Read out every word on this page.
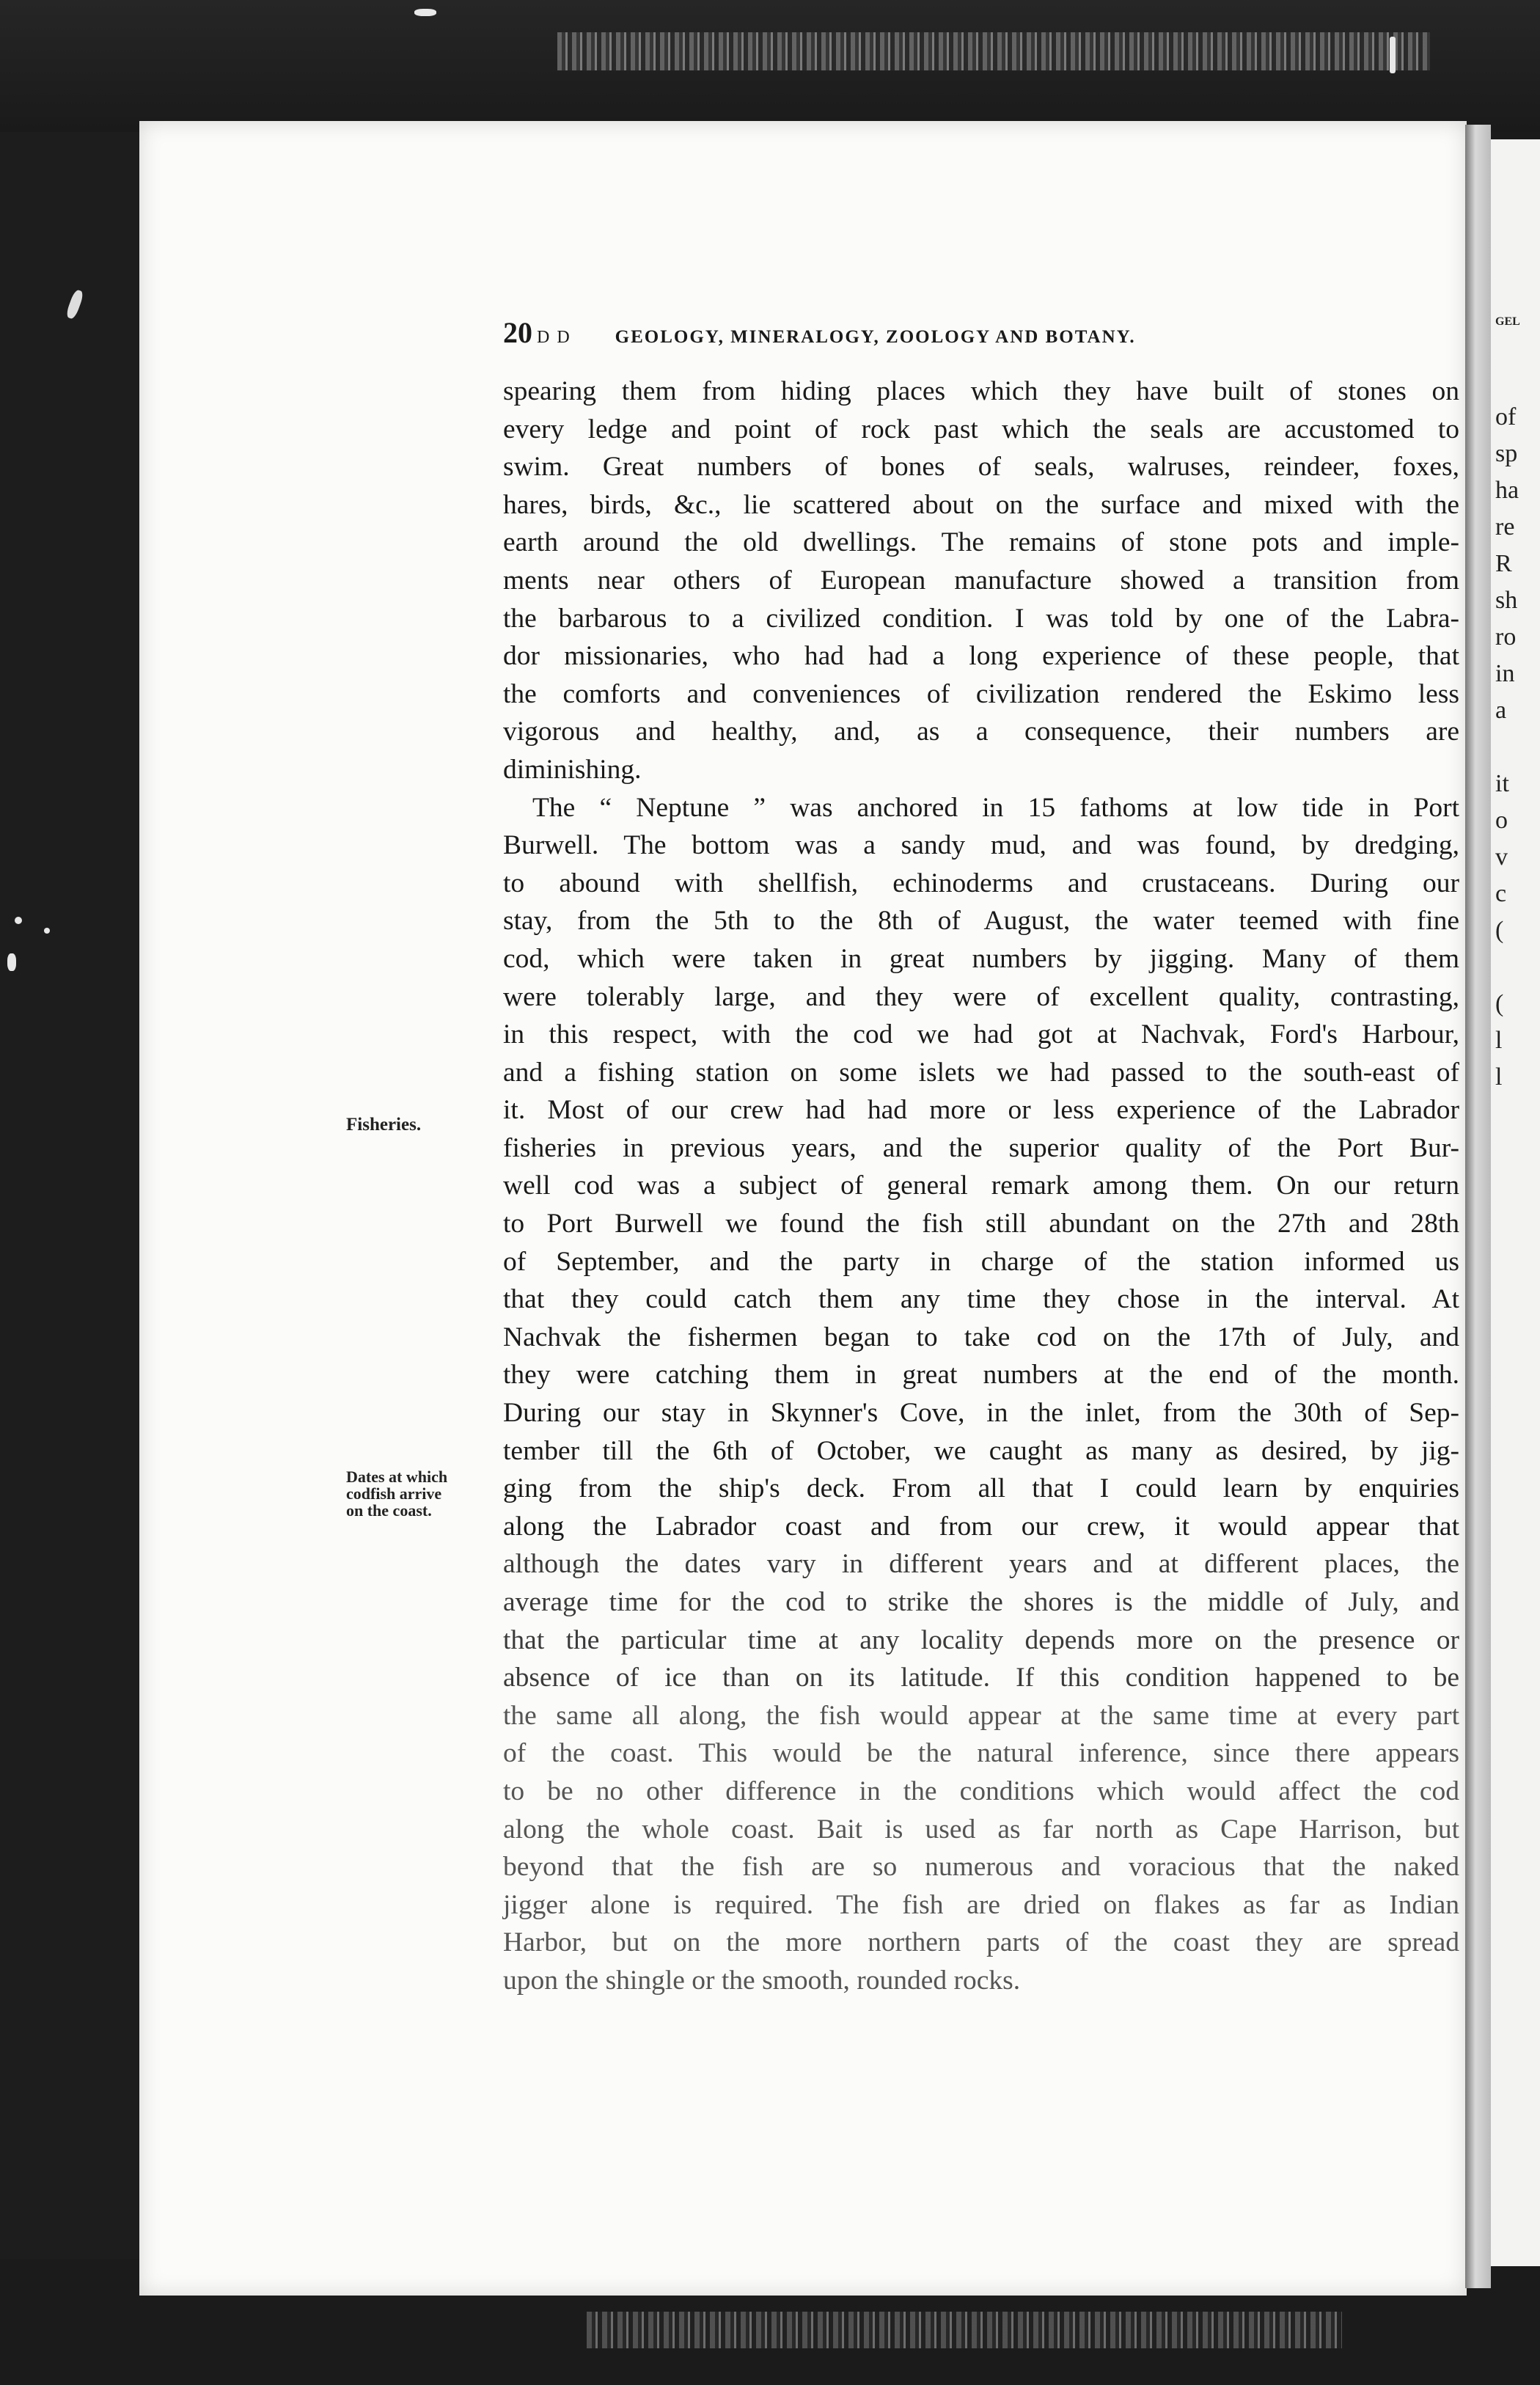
GEL
of
sp
ha
re
R
sh
ro
in
a
it
o
v
c
(
(
l
l
20 D D GEOLOGY, MINERALOGY, ZOOLOGY AND BOTANY.
Fisheries.
Dates at which
codfish arrive
on the coast.
spearing them from hiding places which they have built of stones on
every ledge and point of rock past which the seals are accustomed to
swim. Great numbers of bones of seals, walruses, reindeer, foxes,
hares, birds, &c., lie scattered about on the surface and mixed with the
earth around the old dwellings. The remains of stone pots and imple-
ments near others of European manufacture showed a transition from
the barbarous to a civilized condition. I was told by one of the Labra-
dor missionaries, who had had a long experience of these people, that
the comforts and conveniences of civilization rendered the Eskimo less
vigorous and healthy, and, as a consequence, their numbers are
diminishing.
The “ Neptune ” was anchored in 15 fathoms at low tide in Port
Burwell. The bottom was a sandy mud, and was found, by dredging,
to abound with shellfish, echinoderms and crustaceans. During our
stay, from the 5th to the 8th of August, the water teemed with fine
cod, which were taken in great numbers by jigging. Many of them
were tolerably large, and they were of excellent quality, contrasting,
in this respect, with the cod we had got at Nachvak, Ford's Harbour,
and a fishing station on some islets we had passed to the south-east of
it. Most of our crew had had more or less experience of the Labrador
fisheries in previous years, and the superior quality of the Port Bur-
well cod was a subject of general remark among them. On our return
to Port Burwell we found the fish still abundant on the 27th and 28th
of September, and the party in charge of the station informed us
that they could catch them any time they chose in the interval. At
Nachvak the fishermen began to take cod on the 17th of July, and
they were catching them in great numbers at the end of the month.
During our stay in Skynner's Cove, in the inlet, from the 30th of Sep-
tember till the 6th of October, we caught as many as desired, by jig-
ging from the ship's deck. From all that I could learn by enquiries
along the Labrador coast and from our crew, it would appear that
although the dates vary in different years and at different places, the
average time for the cod to strike the shores is the middle of July, and
that the particular time at any locality depends more on the presence or
absence of ice than on its latitude. If this condition happened to be
the same all along, the fish would appear at the same time at every part
of the coast. This would be the natural inference, since there appears
to be no other difference in the conditions which would affect the cod
along the whole coast. Bait is used as far north as Cape Harrison, but
beyond that the fish are so numerous and voracious that the naked
jigger alone is required. The fish are dried on flakes as far as Indian
Harbor, but on the more northern parts of the coast they are spread
upon the shingle or the smooth, rounded rocks.
